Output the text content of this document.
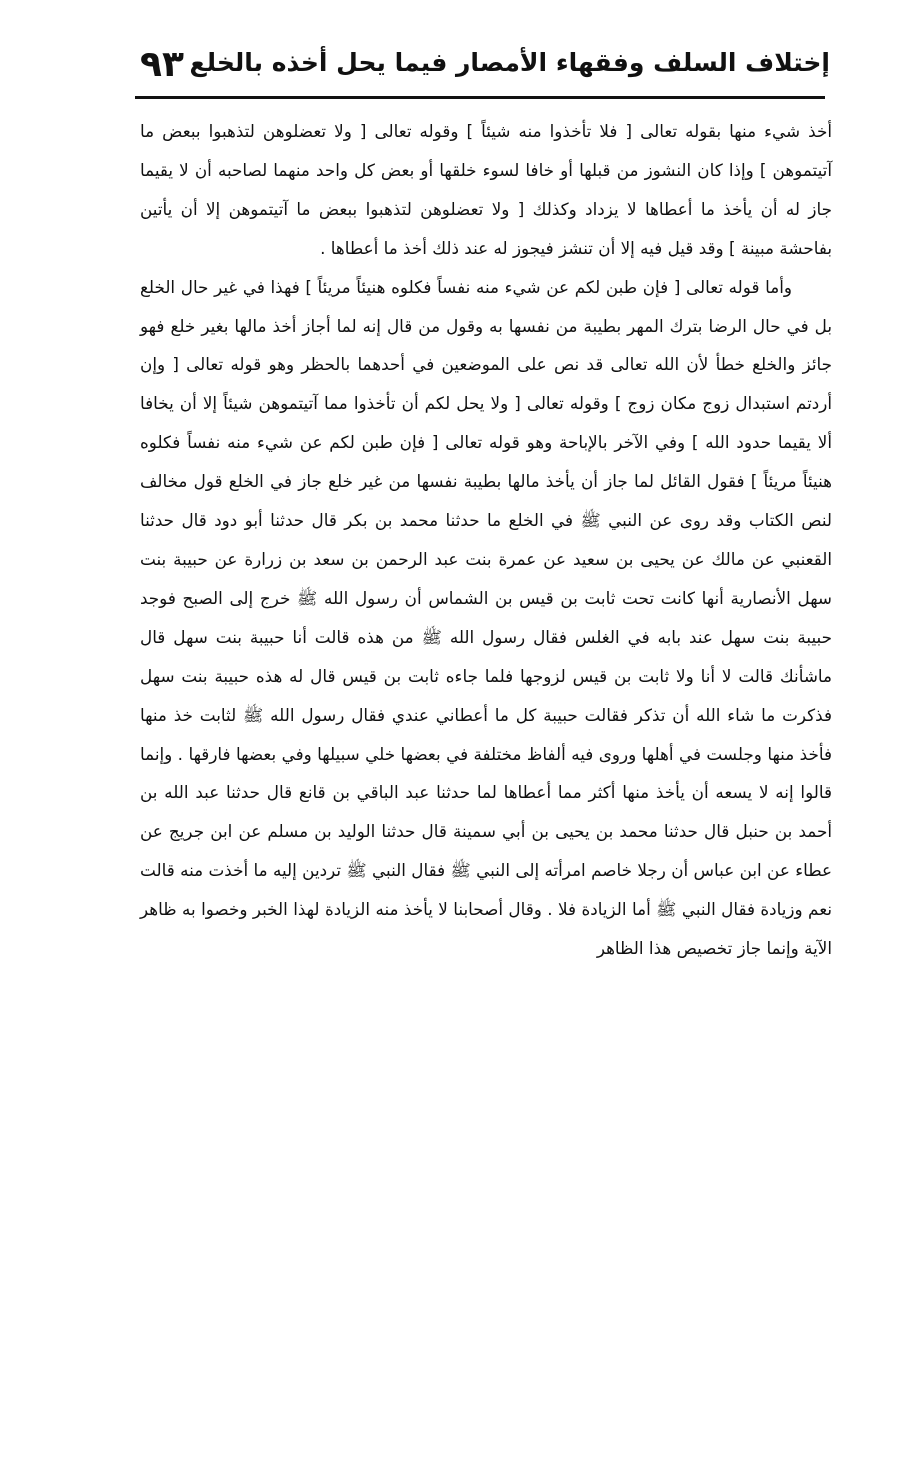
إختلاف السلف وفقهاء الأمصار فيما يحل أخذه بالخلع
٩٣

أخذ شيء منها بقوله تعالى [ فلا تأخذوا منه شيئاً ] وقوله تعالى [ ولا تعضلوهن لتذهبوا ببعض ما آتيتموهن ] وإذا كان النشوز من قبلها أو خافا لسوء خلقها أو بعض كل واحد منهما لصاحبه أن لا يقيما جاز له أن يأخذ ما أعطاها لا يزداد وكذلك [ ولا تعضلوهن لتذهبوا ببعض ما آتيتموهن إلا أن يأتين بفاحشة مبينة ] وقد قيل فيه إلا أن تنشز فيجوز له عند ذلك أخذ ما أعطاها .

وأما قوله تعالى [ فإن طبن لكم عن شيء منه نفساً فكلوه هنيئاً مريئاً ] فهذا في غير حال الخلع بل في حال الرضا بترك المهر بطيبة من نفسها به وقول من قال إنه لما أجاز أخذ مالها بغير خلع فهو جائز والخلع خطأ لأن الله تعالى قد نص على الموضعين في أحدهما بالحظر وهو قوله تعالى [ وإن أردتم استبدال زوج مكان زوج ] وقوله تعالى [ ولا يحل لكم أن تأخذوا مما آتيتموهن شيئاً إلا أن يخافا ألا يقيما حدود الله ] وفي الآخر بالإباحة وهو قوله تعالى [ فإن طبن لكم عن شيء منه نفساً فكلوه هنيئاً مريئاً ] فقول القائل لما جاز أن يأخذ مالها بطيبة نفسها من غير خلع جاز في الخلع قول مخالف لنص الكتاب وقد روى عن النبي ﷺ في الخلع ما حدثنا محمد بن بكر قال حدثنا أبو دود قال حدثنا القعنبي عن مالك عن يحيى بن سعيد عن عمرة بنت عبد الرحمن بن سعد بن زرارة عن حبيبة بنت سهل الأنصارية أنها كانت تحت ثابت بن قيس بن الشماس أن رسول الله ﷺ خرج إلى الصبح فوجد حبيبة بنت سهل عند بابه في الغلس فقال رسول الله ﷺ من هذه قالت أنا حبيبة بنت سهل قال ماشأنك قالت لا أنا ولا ثابت بن قيس لزوجها فلما جاءه ثابت بن قيس قال له هذه حبيبة بنت سهل فذكرت ما شاء الله أن تذكر فقالت حبيبة كل ما أعطاني عندي فقال رسول الله ﷺ لثابت خذ منها فأخذ منها وجلست في أهلها وروى فيه ألفاظ مختلفة في بعضها خلي سبيلها وفي بعضها فارقها . وإنما قالوا إنه لا يسعه أن يأخذ منها أكثر مما أعطاها لما حدثنا عبد الباقي بن قانع قال حدثنا عبد الله بن أحمد بن حنبل قال حدثنا محمد بن يحيى بن أبي سمينة قال حدثنا الوليد بن مسلم عن ابن جريج عن عطاء عن ابن عباس أن رجلا خاصم امرأته إلى النبي ﷺ فقال النبي ﷺ تردين إليه ما أخذت منه قالت نعم وزيادة فقال النبي ﷺ أما الزيادة فلا . وقال أصحابنا لا يأخذ منه الزيادة لهذا الخبر وخصوا به ظاهر الآية وإنما جاز تخصيص هذا الظاهر
